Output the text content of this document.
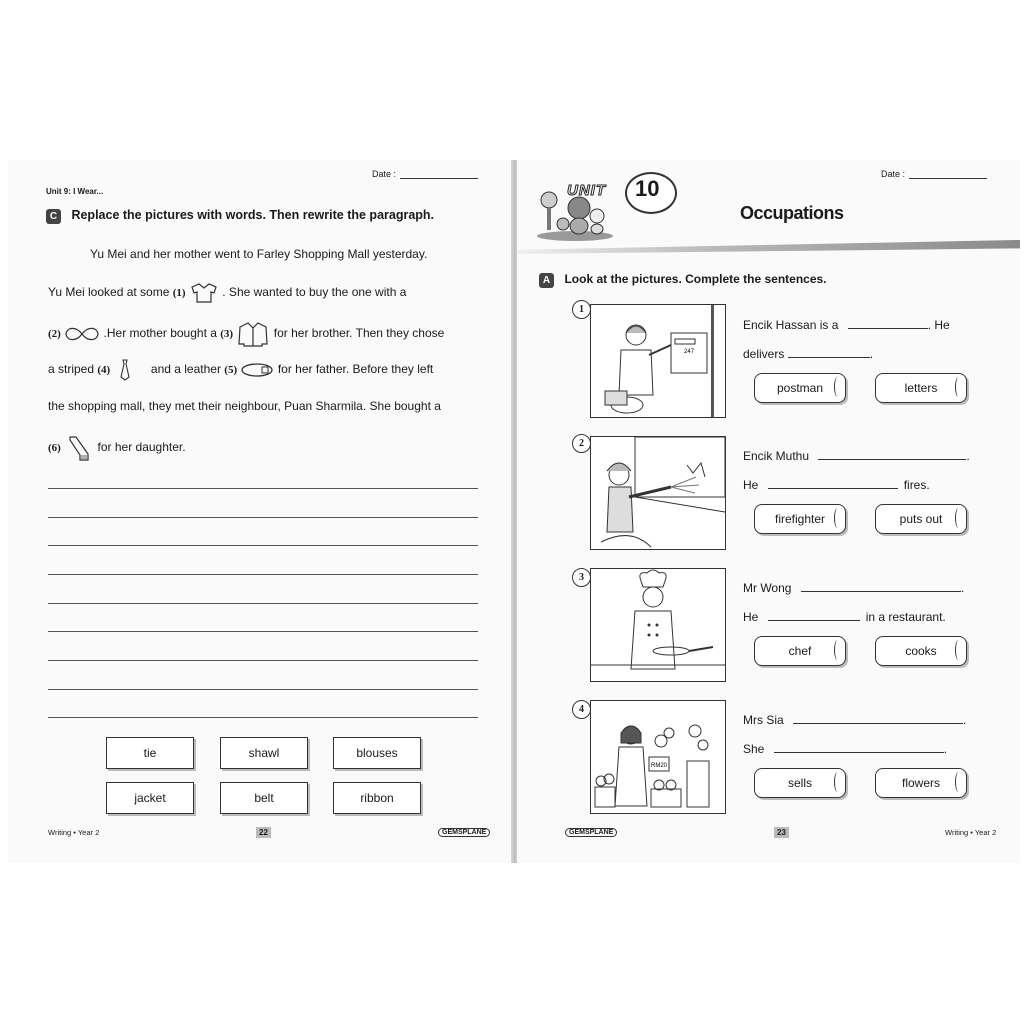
Date :
Unit 9: I Wear...
C Replace the pictures with words. Then rewrite the paragraph.
Yu Mei and her mother went to Farley Shopping Mall yesterday.
Yu Mei looked at some (1)	. She wanted to buy the one with a
(2)	.Her mother bought a (3)	for her brother. Then they chose
a striped (4)	and a leather (5)	for her father. Before they left
the shopping mall, they met their neighbour, Puan Sharmila. She bought a
(6)	for her daughter.
tie	shawl	blouses
jacket	belt	ribbon
Writing • Year 2	22	GEMSPLANE
Date :
UNIT 10
Occupations
A Look at the pictures. Complete the sentences.
247
1
Encik Hassan is a	. He
delivers	.
postman	letters
2
Encik Muthu	.
He	fires.
firefighter	puts out
3
Mr Wong	.
He	in a restaurant.
chef	cooks
RM20
4
Mrs Sia	.
She	.
sells	flowers
GEMSPLANE	23	Writing • Year 2
